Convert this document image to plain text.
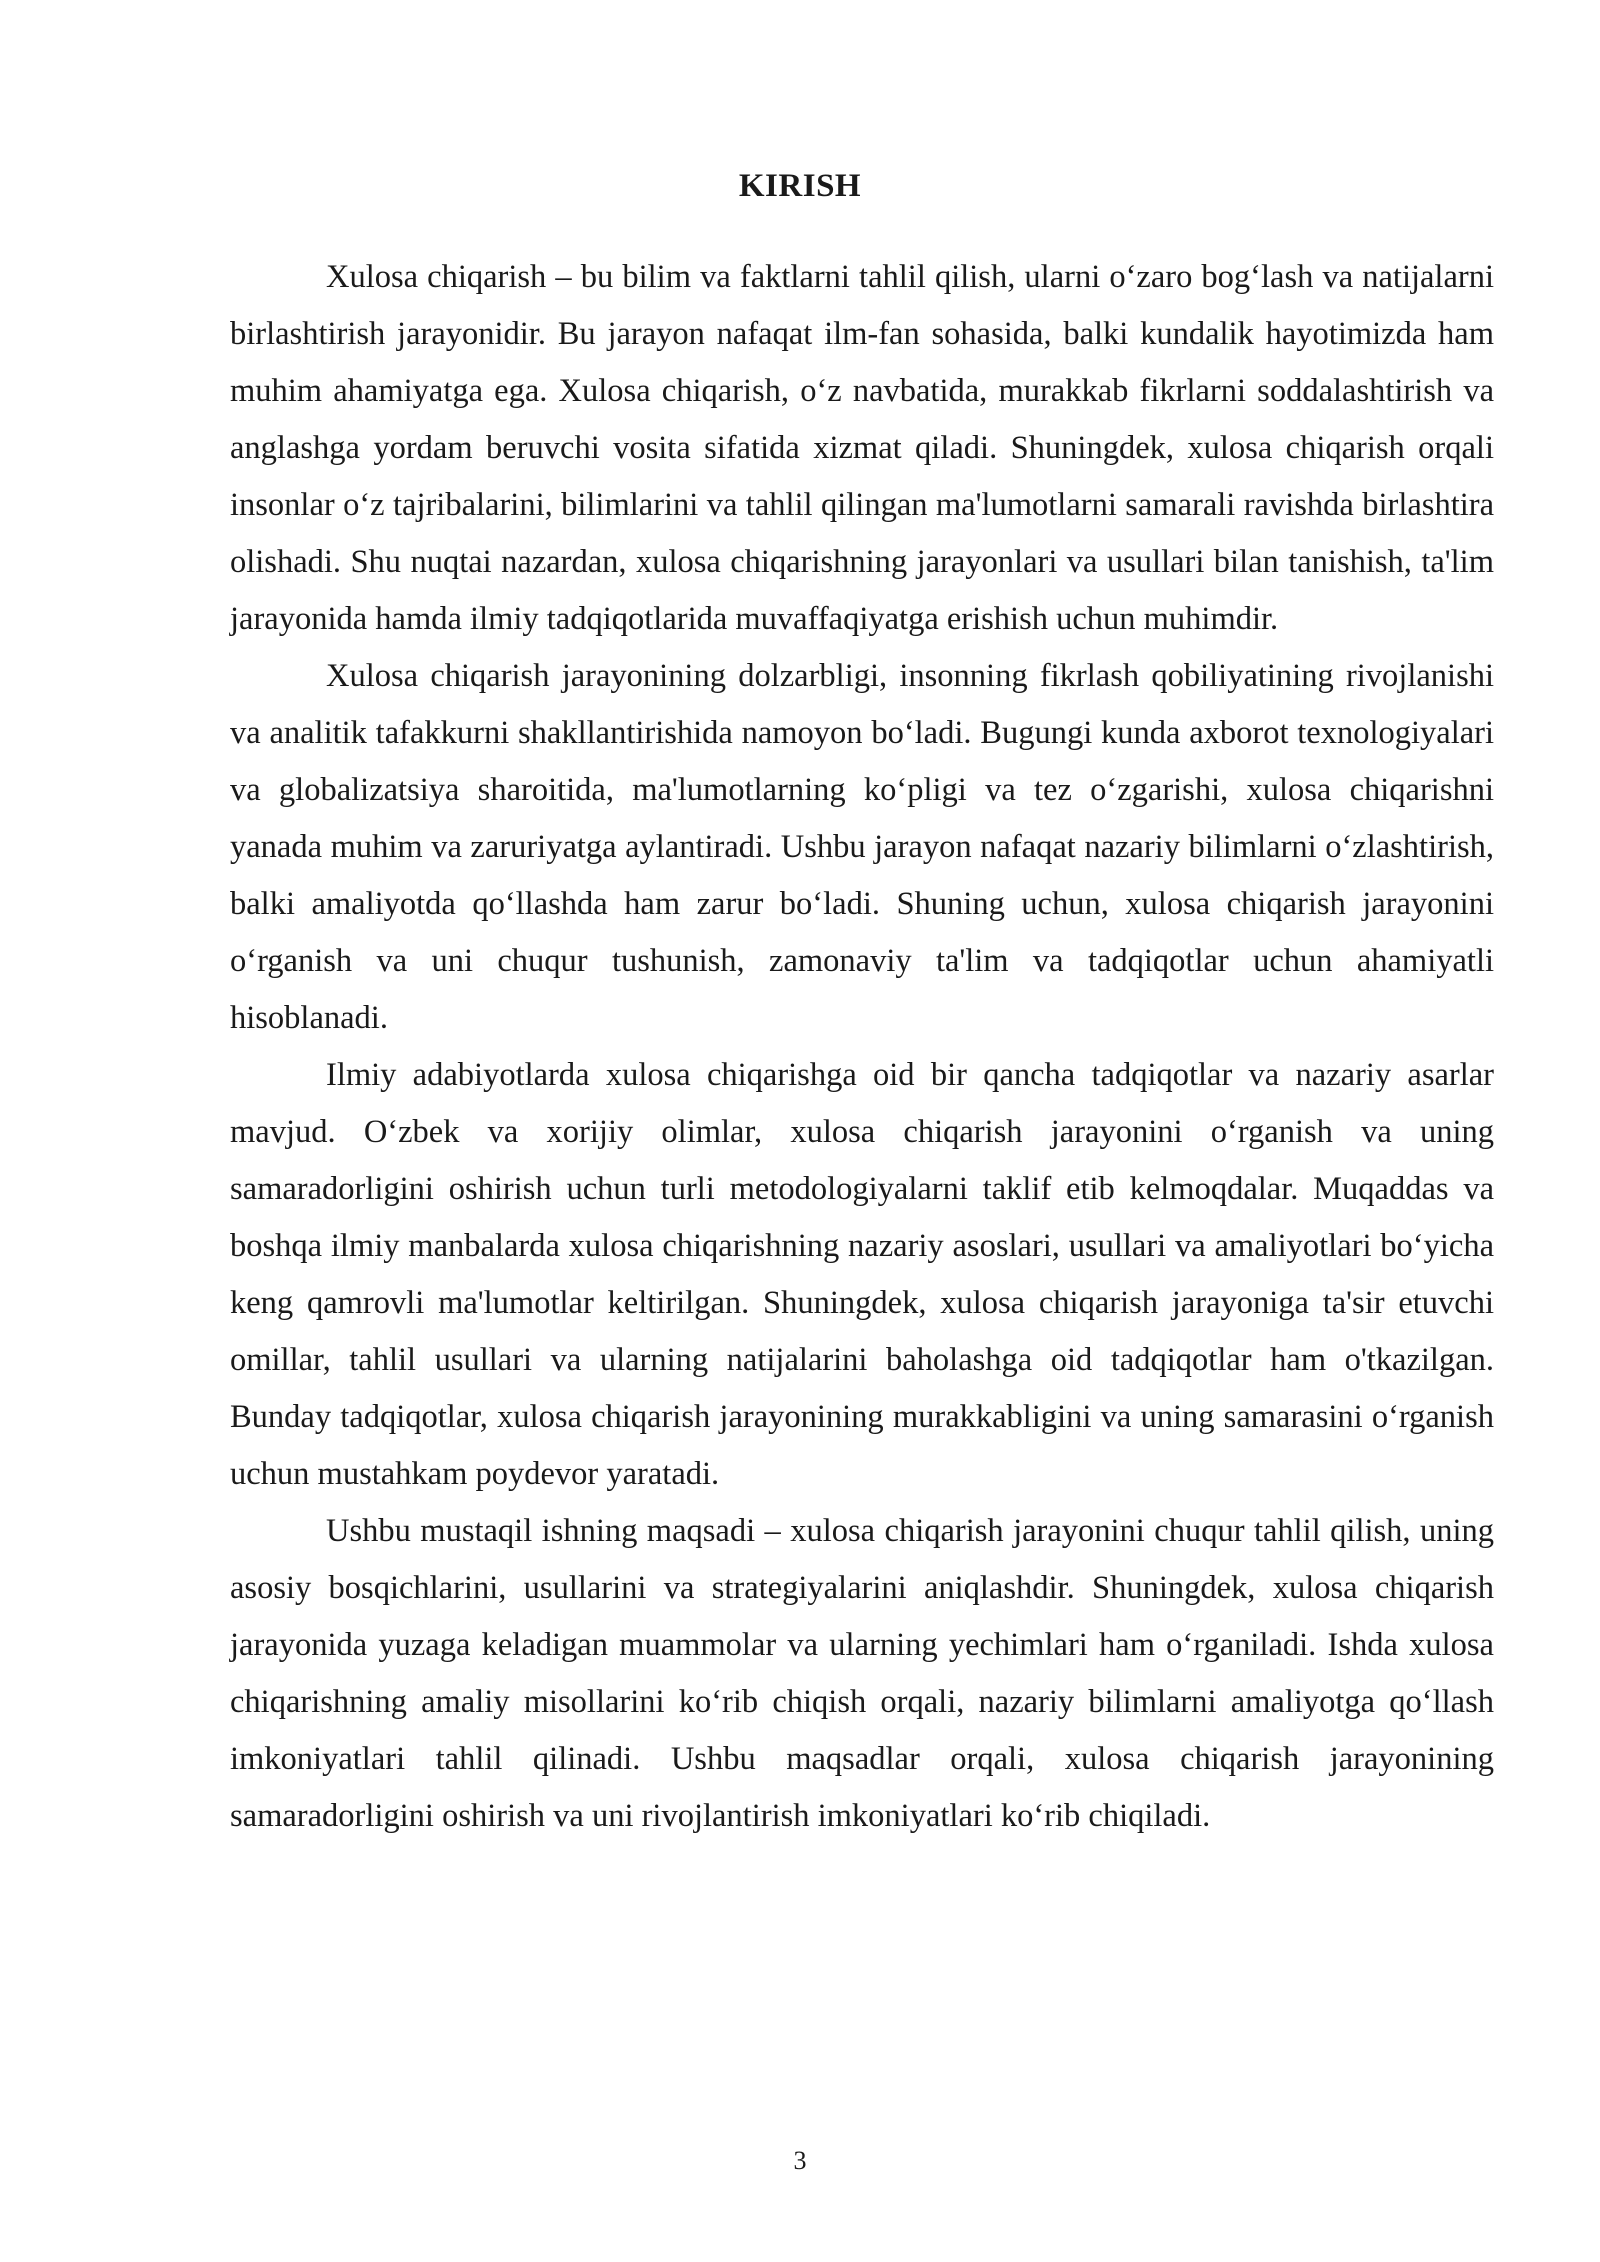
KIRISH

Xulosa chiqarish – bu bilim va faktlarni tahlil qilish, ularni o‘zaro bog‘lash va natijalarni birlashtirish jarayonidir. Bu jarayon nafaqat ilm-fan sohasida, balki kundalik hayotimizda ham muhim ahamiyatga ega. Xulosa chiqarish, o‘z navbatida, murakkab fikrlarni soddalashtirish va anglashga yordam beruvchi vosita sifatida xizmat qiladi. Shuningdek, xulosa chiqarish orqali insonlar o‘z tajribalarini, bilimlarini va tahlil qilingan ma'lumotlarni samarali ravishda birlashtira olishadi. Shu nuqtai nazardan, xulosa chiqarishning jarayonlari va usullari bilan tanishish, ta'lim jarayonida hamda ilmiy tadqiqotlarida muvaffaqiyatga erishish uchun muhimdir.

Xulosa chiqarish jarayonining dolzarbligi, insonning fikrlash qobiliyatining rivojlanishi va analitik tafakkurni shakllantirishida namoyon bo‘ladi. Bugungi kunda axborot texnologiyalari va globalizatsiya sharoitida, ma'lumotlarning ko‘pligi va tez o‘zgarishi, xulosa chiqarishni yanada muhim va zaruriyatga aylantiradi. Ushbu jarayon nafaqat nazariy bilimlarni o‘zlashtirish, balki amaliyotda qo‘llashda ham zarur bo‘ladi. Shuning uchun, xulosa chiqarish jarayonini o‘rganish va uni chuqur tushunish, zamonaviy ta'lim va tadqiqotlar uchun ahamiyatli hisoblanadi.

Ilmiy adabiyotlarda xulosa chiqarishga oid bir qancha tadqiqotlar va nazariy asarlar mavjud. O‘zbek va xorijiy olimlar, xulosa chiqarish jarayonini o‘rganish va uning samaradorligini oshirish uchun turli metodologiyalarni taklif etib kelmoqdalar. Muqaddas va boshqa ilmiy manbalarda xulosa chiqarishning nazariy asoslari, usullari va amaliyotlari bo‘yicha keng qamrovli ma'lumotlar keltirilgan. Shuningdek, xulosa chiqarish jarayoniga ta'sir etuvchi omillar, tahlil usullari va ularning natijalarini baholashga oid tadqiqotlar ham o'tkazilgan. Bunday tadqiqotlar, xulosa chiqarish jarayonining murakkabligini va uning samarasini o‘rganish uchun mustahkam poydevor yaratadi.

Ushbu mustaqil ishning maqsadi – xulosa chiqarish jarayonini chuqur tahlil qilish, uning asosiy bosqichlarini, usullarini va strategiyalarini aniqlashdir. Shuningdek, xulosa chiqarish jarayonida yuzaga keladigan muammolar va ularning yechimlari ham o‘rganiladi. Ishda xulosa chiqarishning amaliy misollarini ko‘rib chiqish orqali, nazariy bilimlarni amaliyotga qo‘llash imkoniyatlari tahlil qilinadi. Ushbu maqsadlar orqali, xulosa chiqarish jarayonining samaradorligini oshirish va uni rivojlantirish imkoniyatlari ko‘rib chiqiladi.

3
